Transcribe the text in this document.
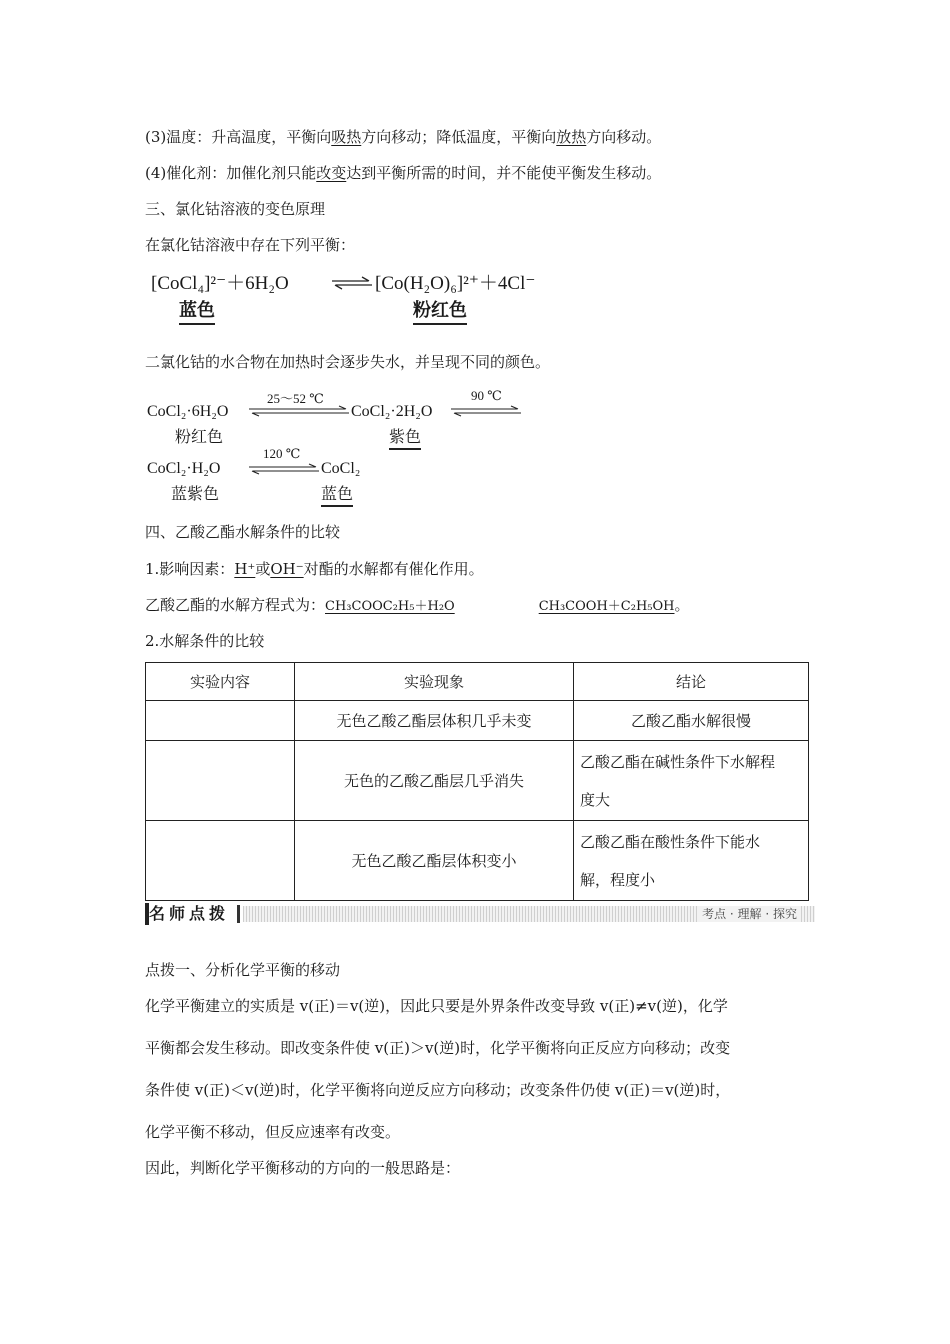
(3)温度：升高温度，平衡向吸热方向移动；降低温度，平衡向放热方向移动。
(4)催化剂：加催化剂只能改变达到平衡所需的时间，并不能使平衡发生移动。
三、氯化钴溶液的变色原理
在氯化钴溶液中存在下列平衡：
[CoCl₄]²⁻＋6H₂O	⇌ [Co(H₂O)₆]²⁺＋4Cl⁻
蓝色	粉红色
二氯化钴的水合物在加热时会逐步失水，并呈现不同的颜色。
CoCl₂·6H₂O
25～52 ℃
CoCl₂·2H₂O
90 ℃
粉红色	紫色
CoCl₂·H₂O
120 ℃
CoCl₂
蓝紫色	蓝色
四、乙酸乙酯水解条件的比较
1.影响因素：H⁺或OH⁻对酯的水解都有催化作用。
乙酸乙酯的水解方程式为：CH₃COOC₂H₅＋H₂O	CH₃COOH＋C₂H₅OH。
2.水解条件的比较
实验内容	实验现象	结论
	无色乙酸乙酯层体积几乎未变	乙酸乙酯水解很慢
	无色的乙酸乙酯层几乎消失	乙酸乙酯在碱性条件下水解程
度大
	无色乙酸乙酯层体积变小	乙酸乙酯在酸性条件下能水
解，程度小
名师点拨	考点 · 理解 · 探究
点拨一、分析化学平衡的移动
化学平衡建立的实质是 v(正)＝v(逆)，因此只要是外界条件改变导致 v(正)≠v(逆)，化学
平衡都会发生移动。即改变条件使 v(正)＞v(逆)时，化学平衡将向正反应方向移动；改变
条件使 v(正)＜v(逆)时，化学平衡将向逆反应方向移动；改变条件仍使 v(正)＝v(逆)时，
化学平衡不移动，但反应速率有改变。
因此，判断化学平衡移动的方向的一般思路是：
